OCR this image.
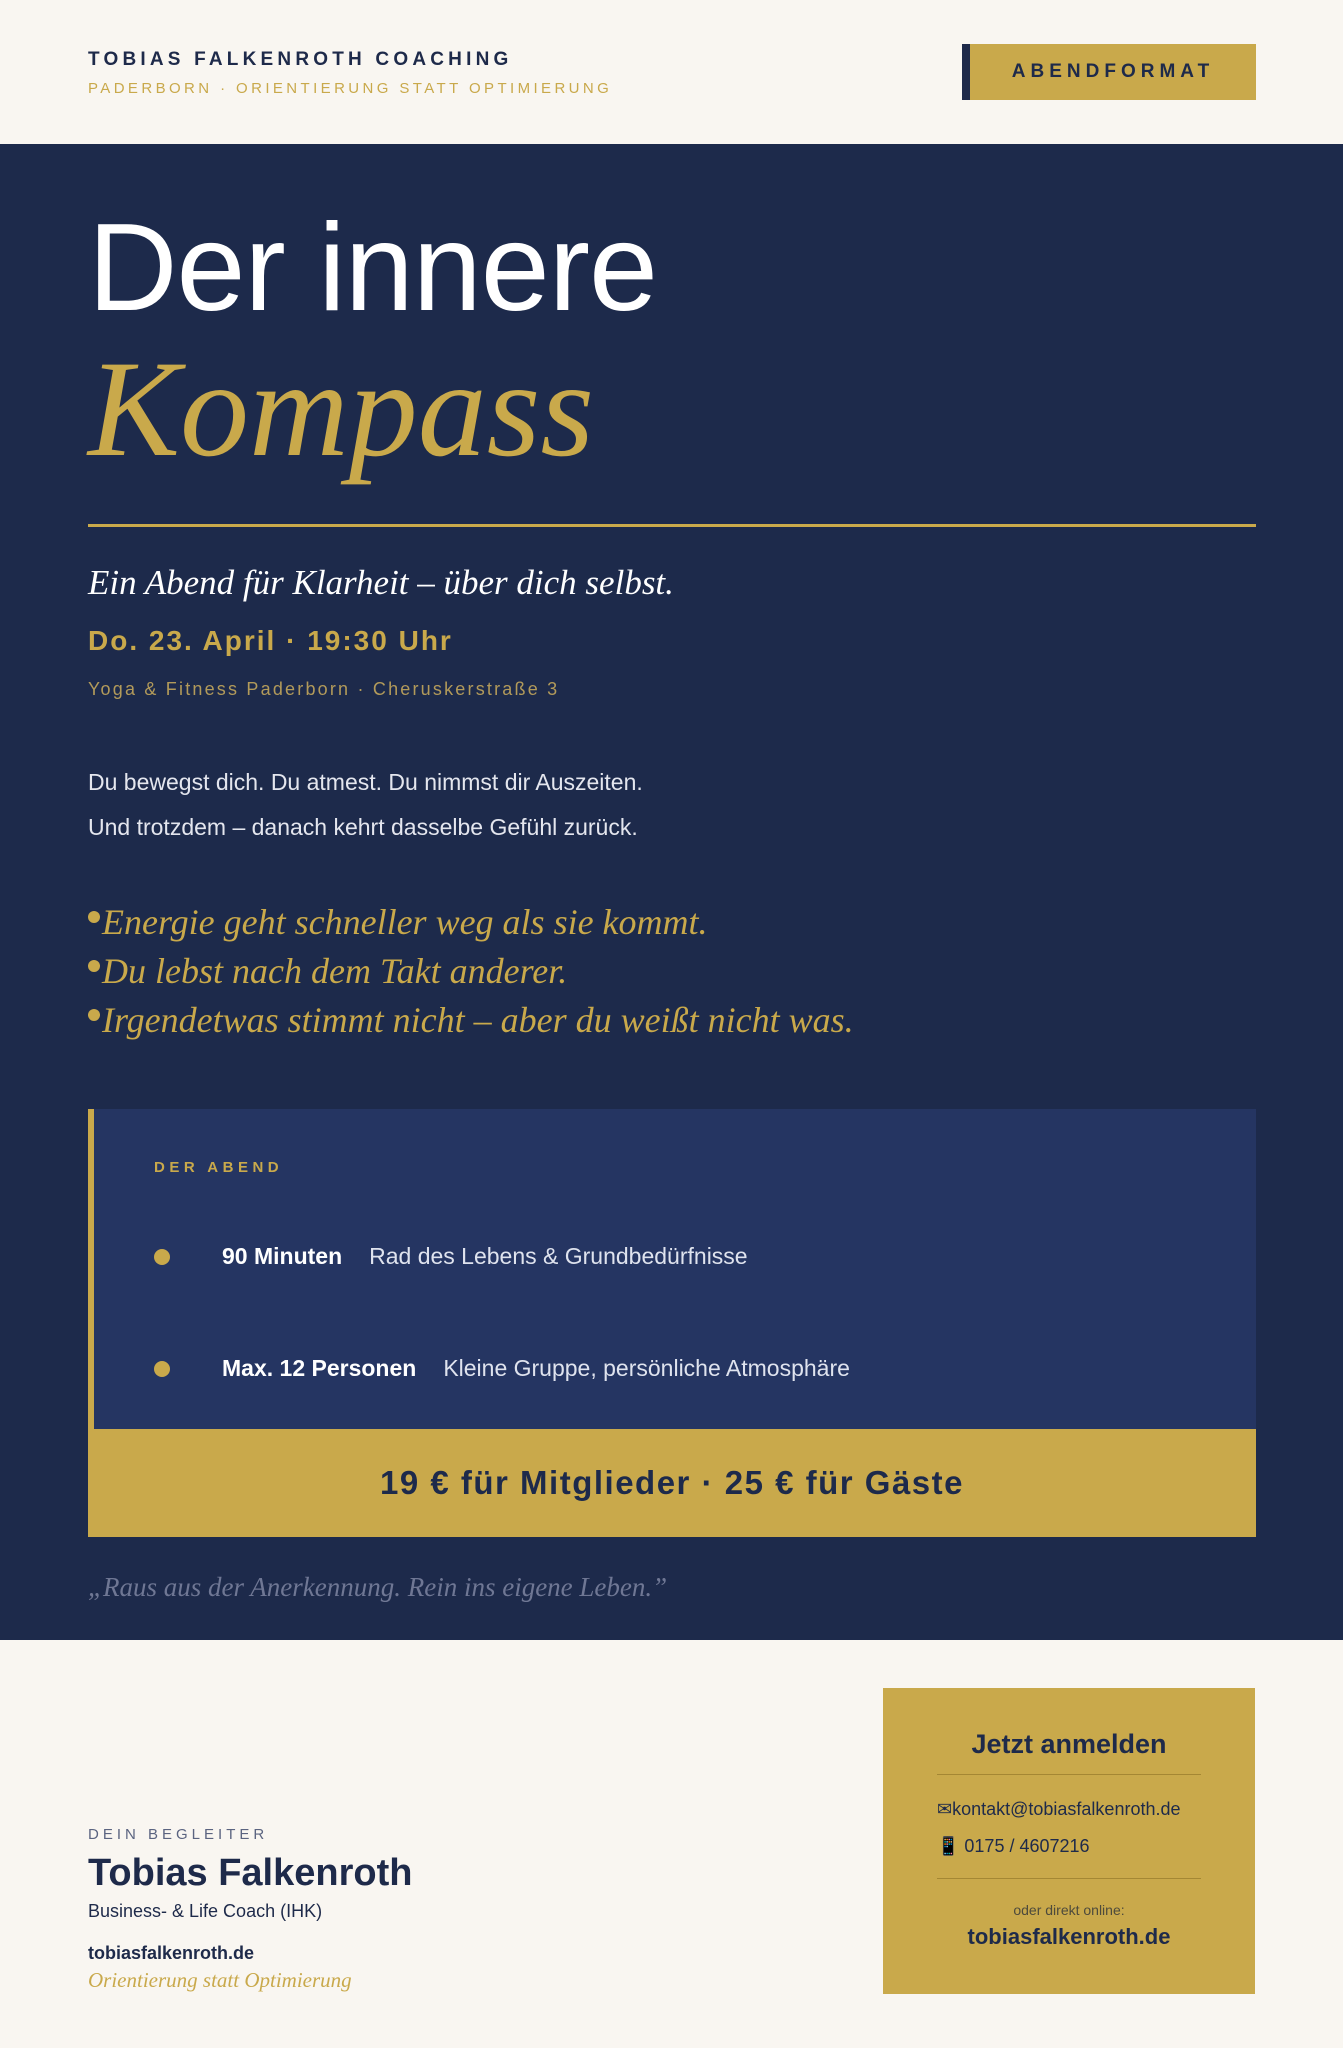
TOBIAS FALKENROTH COACHING
PADERBORN · ORIENTIERUNG STATT OPTIMIERUNG
ABENDFORMAT
Der innere
Kompass
Ein Abend für Klarheit – über dich selbst.
Do. 23. April · 19:30 Uhr
Yoga & Fitness Paderborn · Cheruskerstraße 3
Du bewegst dich. Du atmest. Du nimmst dir Auszeiten.
Und trotzdem – danach kehrt dasselbe Gefühl zurück.
Energie geht schneller weg als sie kommt.
Du lebst nach dem Takt anderer.
Irgendetwas stimmt nicht – aber du weißt nicht was.
DER ABEND
90 Minuten Rad des Lebens & Grundbedürfnisse
Max. 12 Personen Kleine Gruppe, persönliche Atmosphäre
19 € für Mitglieder · 25 € für Gäste
„Raus aus der Anerkennung. Rein ins eigene Leben.”
DEIN BEGLEITER
Tobias Falkenroth
Business- & Life Coach (IHK)
tobiasfalkenroth.de
Orientierung statt Optimierung
Jetzt anmelden
✉kontakt@tobiasfalkenroth.de
📱 0175 / 4607216
oder direkt online:
tobiasfalkenroth.de
